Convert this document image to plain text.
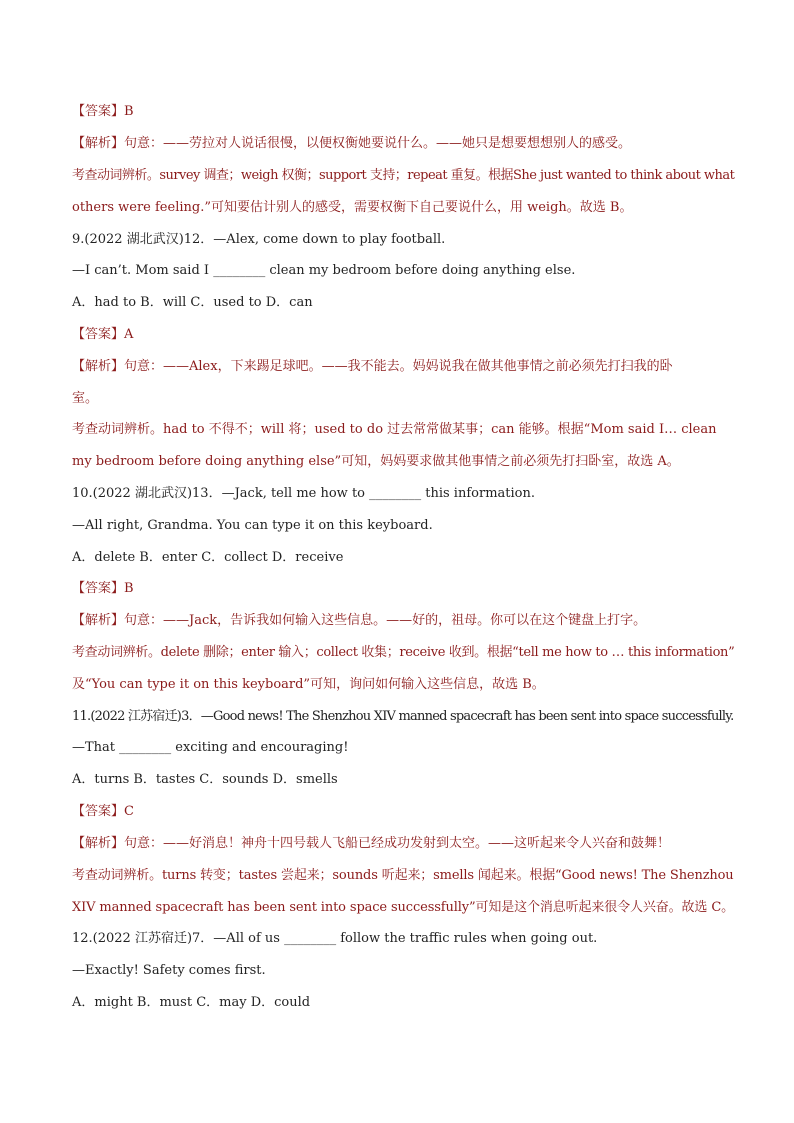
【答案】B
【解析】句意：——劳拉对人说话很慢，以便权衡她要说什么。——她只是想要想想别人的感受。
考查动词辨析。survey 调查；weigh 权衡；support 支持；repeat 重复。根据She just wanted to think about what
others were feeling.”可知要估计别人的感受，需要权衡下自己要说什么，用 weigh。故选 B。
9.(2022 湖北武汉)12．—Alex, come down to play football.
—I can’t. Mom said I ________ clean my bedroom before doing anything else.
A．had to B．will C．used to D．can
【答案】A
【解析】句意：——Alex，下来踢足球吧。——我不能去。妈妈说我在做其他事情之前必须先打扫我的卧
室。
考查动词辨析。had to 不得不；will 将；used to do 过去常常做某事；can 能够。根据“Mom said I… clean
my bedroom before doing anything else”可知，妈妈要求做其他事情之前必须先打扫卧室，故选 A。
10.(2022 湖北武汉)13．—Jack, tell me how to ________ this information.
—All right, Grandma. You can type it on this keyboard.
A．delete B．enter C．collect D．receive
【答案】B
【解析】句意：——Jack，告诉我如何输入这些信息。——好的，祖母。你可以在这个键盘上打字。
考查动词辨析。delete 删除；enter 输入；collect 收集；receive 收到。根据“tell me how to … this information”
及“You can type it on this keyboard”可知，询问如何输入这些信息，故选 B。
11.(2022 江苏宿迁)3．—Good news! The Shenzhou XIV manned spacecraft has been sent into space successfully.
—That ________ exciting and encouraging!
A．turns B．tastes C．sounds D．smells
【答案】C
【解析】句意：——好消息！神舟十四号载人飞船已经成功发射到太空。——这听起来令人兴奋和鼓舞！
考查动词辨析。turns 转变；tastes 尝起来；sounds 听起来；smells 闻起来。根据“Good news! The Shenzhou
XIV manned spacecraft has been sent into space successfully”可知是这个消息听起来很令人兴奋。故选 C。
12.(2022 江苏宿迁)7．—All of us ________ follow the traffic rules when going out.
—Exactly! Safety comes first.
A．might B．must C．may D．could
